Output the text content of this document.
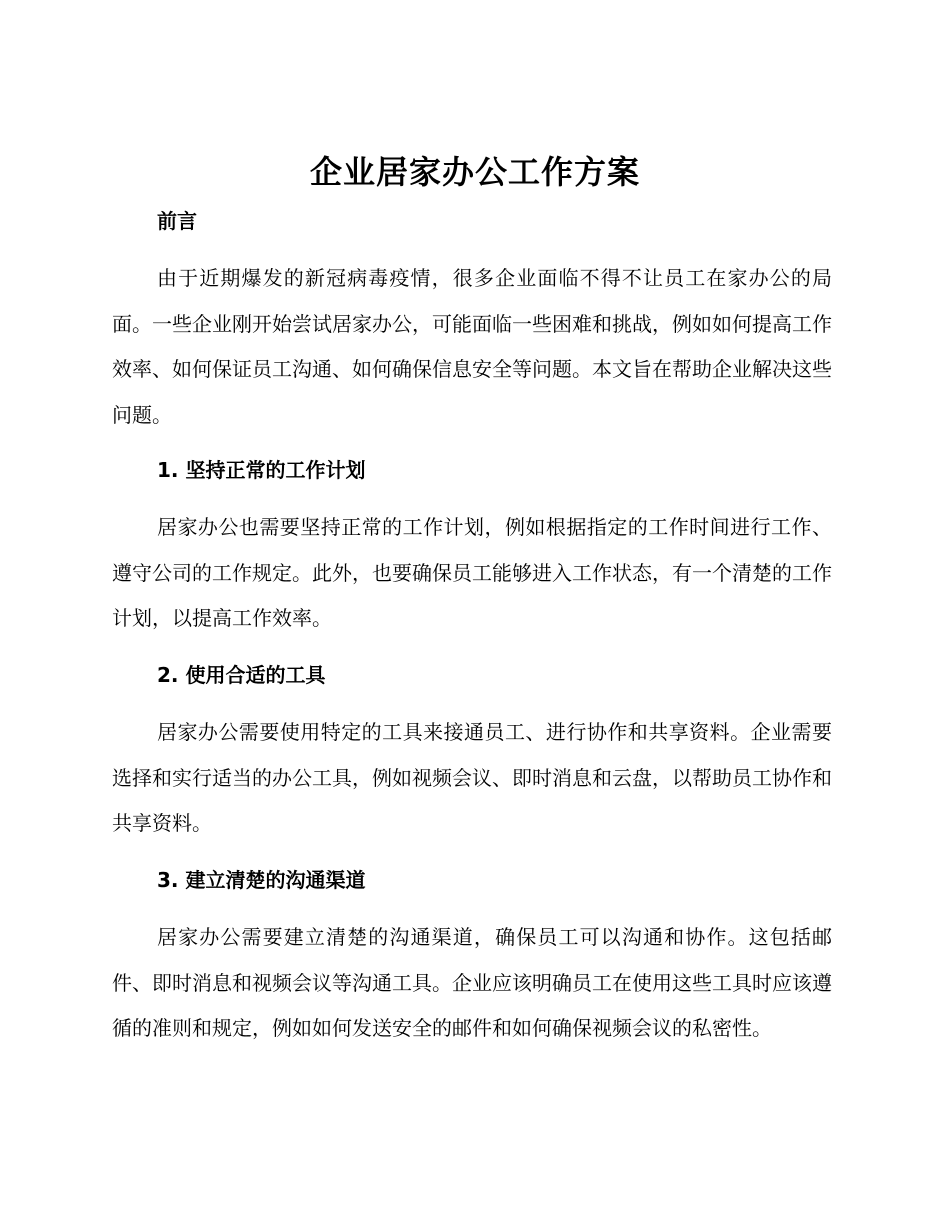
企业居家办公工作方案
前言

由于近期爆发的新冠病毒疫情，很多企业面临不得不让员工在家办公的局面。一些企业刚开始尝试居家办公，可能面临一些困难和挑战，例如如何提高工作效率、如何保证员工沟通、如何确保信息安全等问题。本文旨在帮助企业解决这些问题。

1. 坚持正常的工作计划

居家办公也需要坚持正常的工作计划，例如根据指定的工作时间进行工作、遵守公司的工作规定。此外，也要确保员工能够进入工作状态，有一个清楚的工作计划，以提高工作效率。

2. 使用合适的工具

居家办公需要使用特定的工具来接通员工、进行协作和共享资料。企业需要选择和实行适当的办公工具，例如视频会议、即时消息和云盘，以帮助员工协作和共享资料。

3. 建立清楚的沟通渠道

居家办公需要建立清楚的沟通渠道，确保员工可以沟通和协作。这包括邮件、即时消息和视频会议等沟通工具。企业应该明确员工在使用这些工具时应该遵循的准则和规定，例如如何发送安全的邮件和如何确保视频会议的私密性。
